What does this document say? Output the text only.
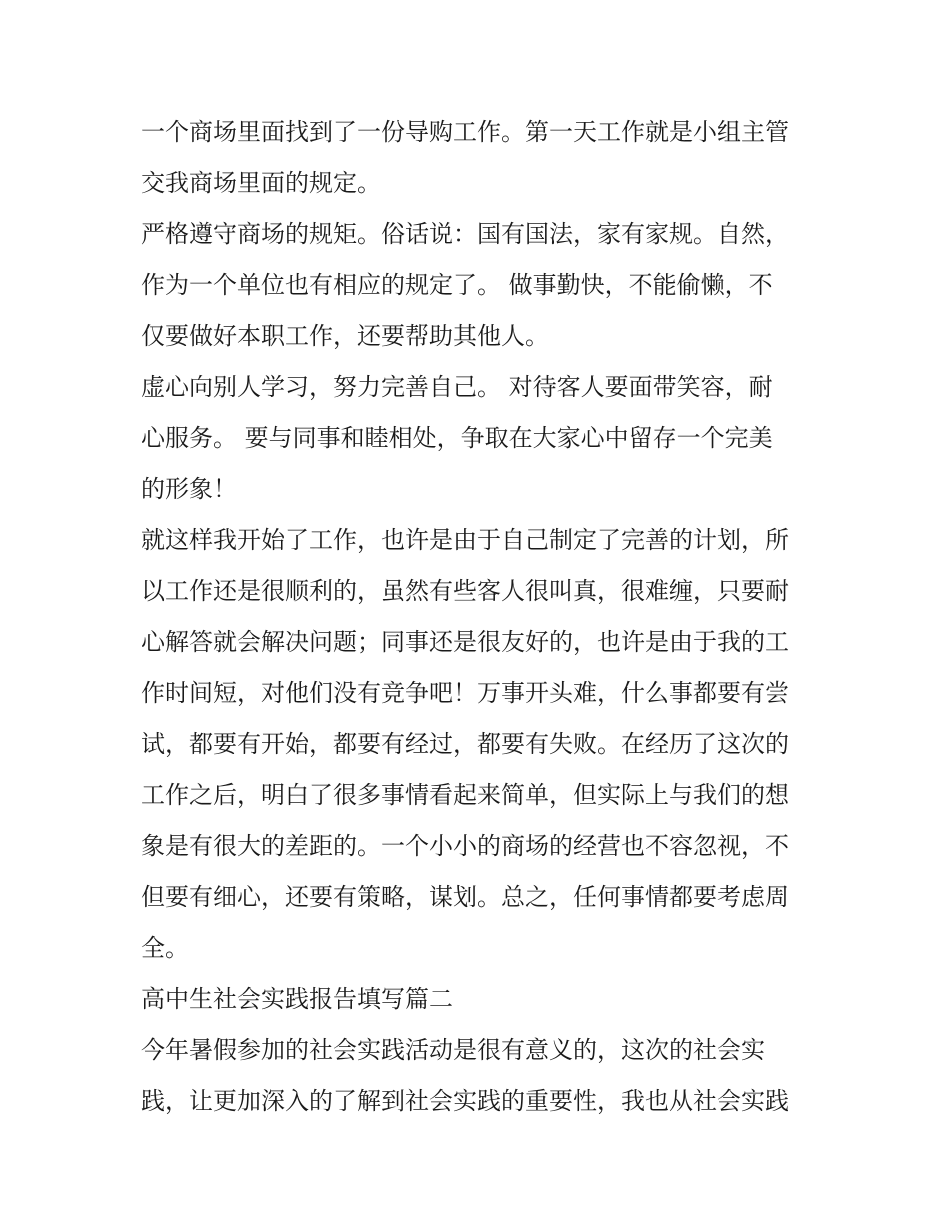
一个商场里面找到了一份导购工作。第一天工作就是小组主管
交我商场里面的规定。
严格遵守商场的规矩。俗话说：国有国法，家有家规。自然，
作为一个单位也有相应的规定了。 做事勤快，不能偷懒，不
仅要做好本职工作，还要帮助其他人。
虚心向别人学习，努力完善自己。 对待客人要面带笑容，耐
心服务。 要与同事和睦相处，争取在大家心中留存一个完美
的形象！
就这样我开始了工作，也许是由于自己制定了完善的计划，所
以工作还是很顺利的，虽然有些客人很叫真，很难缠，只要耐
心解答就会解决问题；同事还是很友好的，也许是由于我的工
作时间短，对他们没有竞争吧！万事开头难，什么事都要有尝
试，都要有开始，都要有经过，都要有失败。在经历了这次的
工作之后，明白了很多事情看起来简单，但实际上与我们的想
象是有很大的差距的。一个小小的商场的经营也不容忽视，不
但要有细心，还要有策略，谋划。总之，任何事情都要考虑周
全。
高中生社会实践报告填写篇二
今年暑假参加的社会实践活动是很有意义的，这次的社会实
践，让更加深入的了解到社会实践的重要性，我也从社会实践
